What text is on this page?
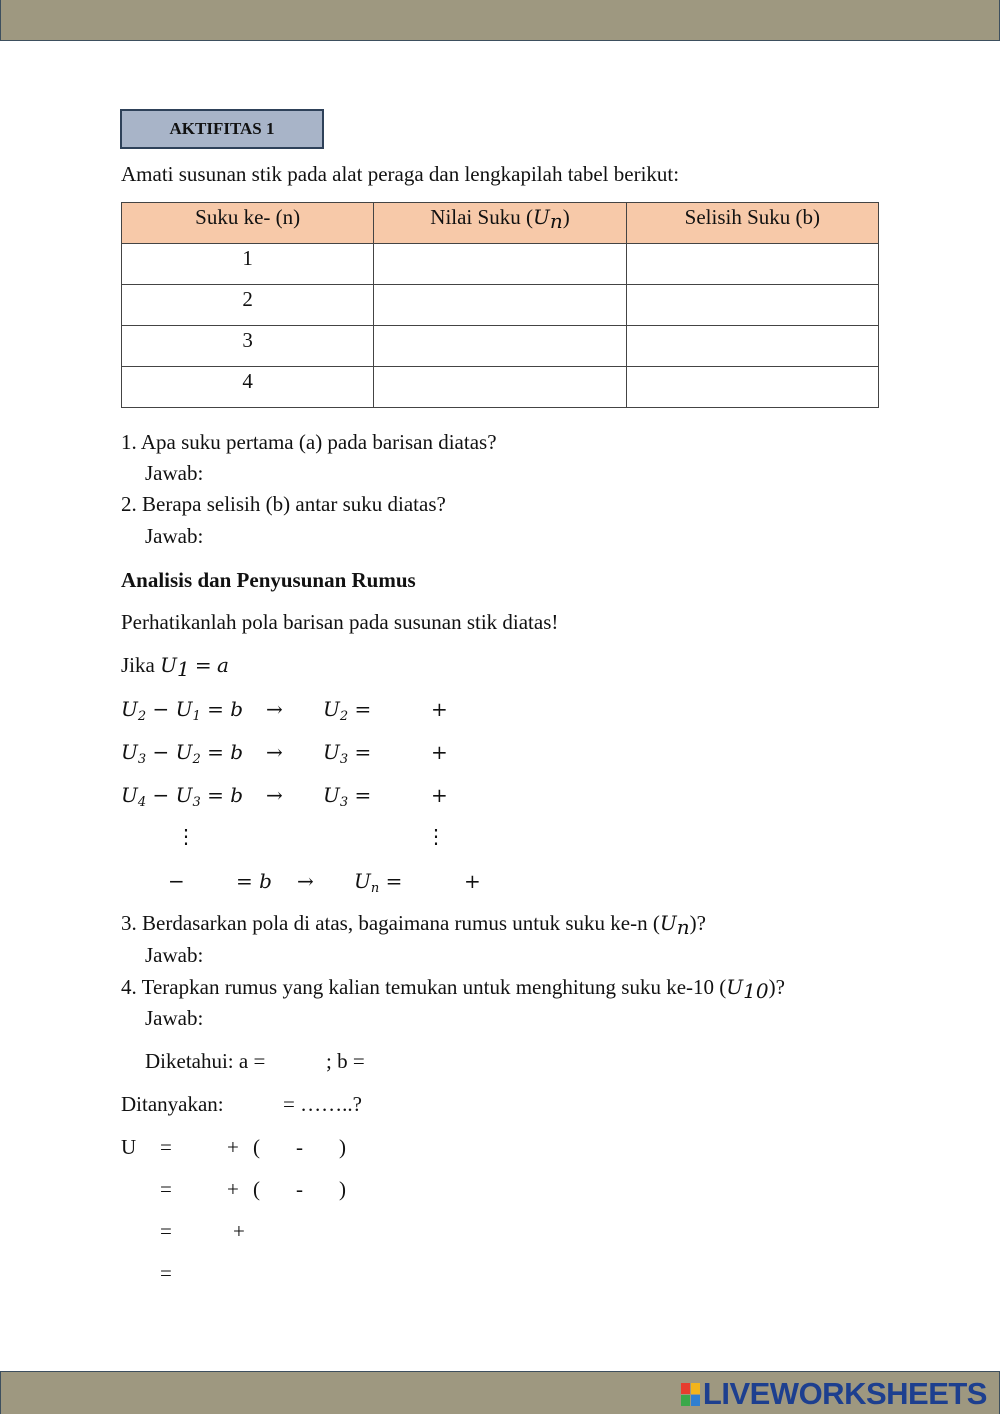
LIVEWORKSHEETS
AKTIFITAS 1
Amati susunan stik pada alat peraga dan lengkapilah tabel berikut:
Suku ke- (n)	Nilai Suku $(U_n)$	Selisih Suku (b)
1		
2		
3		
4		
1. Apa suku pertama (a) pada barisan diatas?
Jawab:
2. Berapa selisih (b) antar suku diatas?
Jawab:
Analisis dan Penyusunan Rumus
Perhatikanlah pola barisan pada susunan stik diatas!
Jika $U_1 = a$
$U_2 - U_1 = b \to U_2$ =	+
$U_3 - U_2 = b \to U_3$ =	+
$U_4 - U_3 = b \to U_3$ =	+
⋮	⋮
−	= $b \to U_n$ =	+
3. Berdasarkan pola di atas, bagaimana rumus untuk suku ke-n $(U_n)$?
Jawab:
4. Terapkan rumus yang kalian temukan untuk menghitung suku ke-10 $(U_{10})$?
Jawab:
Diketahui: a =	; b =
Ditanyakan:	= ……..?
U =	+ ( - )
=	+ ( - )
=	+
=
